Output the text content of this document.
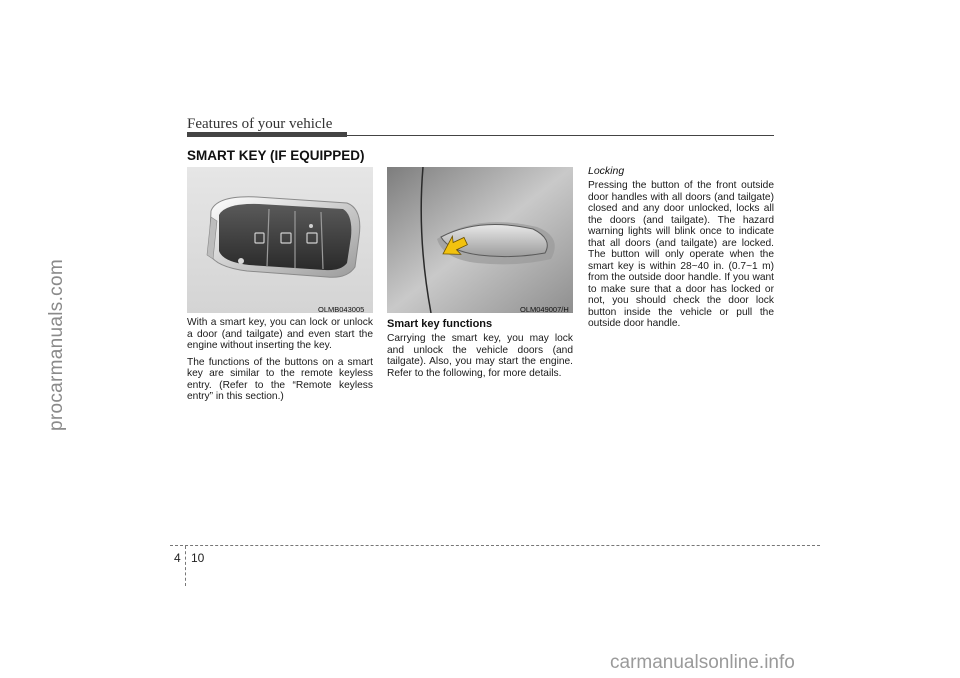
Features of your vehicle
SMART KEY (IF EQUIPPED)
OLMB043005	OLM049007/H

With a smart key, you can lock or unlock a door (and tailgate) and even start the engine without inserting the key.

The functions of the buttons on a smart key are similar to the remote keyless entry. (Refer to the “Remote keyless entry” in this section.)

Smart key functions

Carrying the smart key, you may lock and unlock the vehicle doors (and tailgate). Also, you may start the engine. Refer to the following, for more details.

Locking

Pressing the button of the front outside door handles with all doors (and tailgate) closed and any door unlocked, locks all the doors (and tailgate). The hazard warning lights will blink once to indicate that all doors (and tailgate) are locked. The button will only operate when the smart key is within 28~40 in. (0.7~1 m) from the outside door handle. If you want to make sure that a door has locked or not, you should check the door lock button inside the vehicle or pull the outside door handle.

4 10
procarmanuals.com
carmanualsonline.info
